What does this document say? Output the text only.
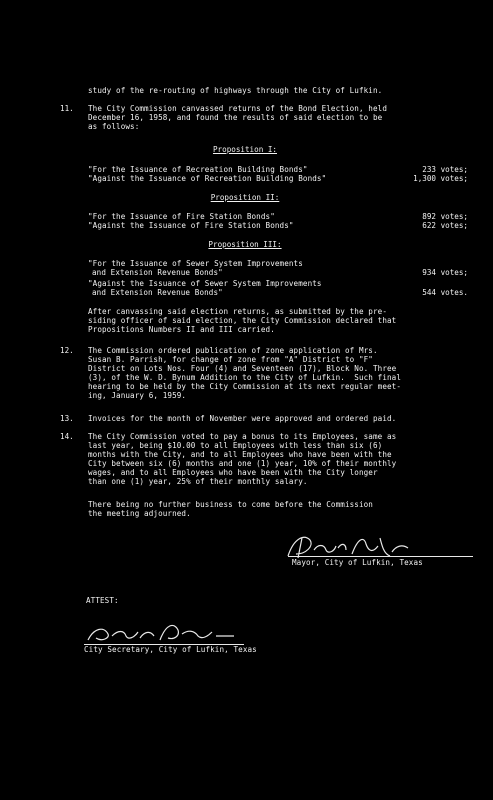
study of the re-routing of highways through the City of Lufkin.
11. The City Commission canvassed returns of the Bond Election, held
December 16, 1958, and found the results of said election to be
as follows:
Proposition I:
"For the Issuance of Recreation Building Bonds"	233 votes;
"Against the Issuance of Recreation Building Bonds"	1,300 votes;
Proposition II:
"For the Issuance of Fire Station Bonds"	892 votes;
"Against the Issuance of Fire Station Bonds"	622 votes;
Proposition III:
"For the Issuance of Sewer System Improvements
and Extension Revenue Bonds"	934 votes;
"Against the Issuance of Sewer System Improvements
and Extension Revenue Bonds"	544 votes.
After canvassing said election returns, as submitted by the pre-
siding officer of said election, the City Commission declared that
Propositions Numbers II and III carried.
12. The Commission ordered publication of zone application of Mrs.
Susan B. Parrish, for change of zone from "A" District to "F"
District on Lots Nos. Four (4) and Seventeen (17), Block No. Three
(3), of the W. D. Bynum Addition to the City of Lufkin.  Such final
hearing to be held by the City Commission at its next regular meet-
ing, January 6, 1959.
13. Invoices for the month of November were approved and ordered paid.
14. The City Commission voted to pay a bonus to its Employees, same as
last year, being $10.00 to all Employees with less than six (6)
months with the City, and to all Employees who have been with the
City between six (6) months and one (1) year, 10% of their monthly
wages, and to all Employees who have been with the City longer
than one (1) year, 25% of their monthly salary.
There being no further business to come before the Commission
the meeting adjourned.
Mayor, City of Lufkin, Texas
ATTEST:
City Secretary, City of Lufkin, Texas
